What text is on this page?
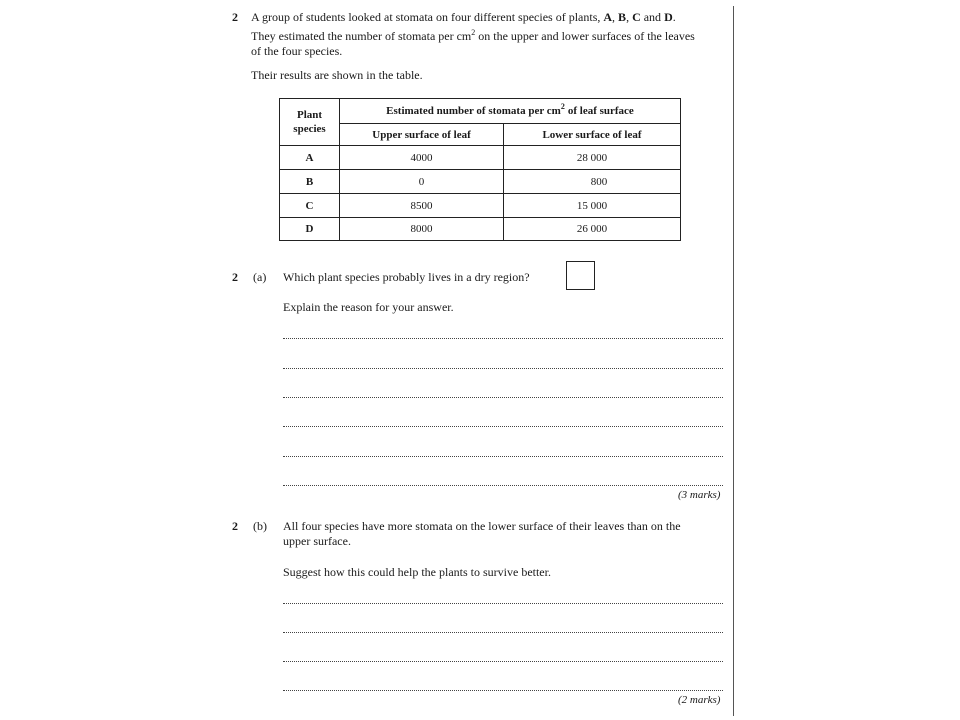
2 A group of students looked at stomata on four different species of plants, A, B, C and D.
They estimated the number of stomata per $cm^2$ on the upper and lower surfaces of the leaves
of the four species.
Their results are shown in the table.
Plant
species
Estimated number of stomata per $cm^2$ of leaf surface
Upper surface of leaf	Lower surface of leaf
A	4000	28 000
B	0	800
C	8500	15 000
D	8000	26 000
2 (a) Which plant species probably lives in a dry region?
Explain the reason for your answer.
(3 marks)
2 (b) All four species have more stomata on the lower surface of their leaves than on the
upper surface.
Suggest how this could help the plants to survive better.
(2 marks)
